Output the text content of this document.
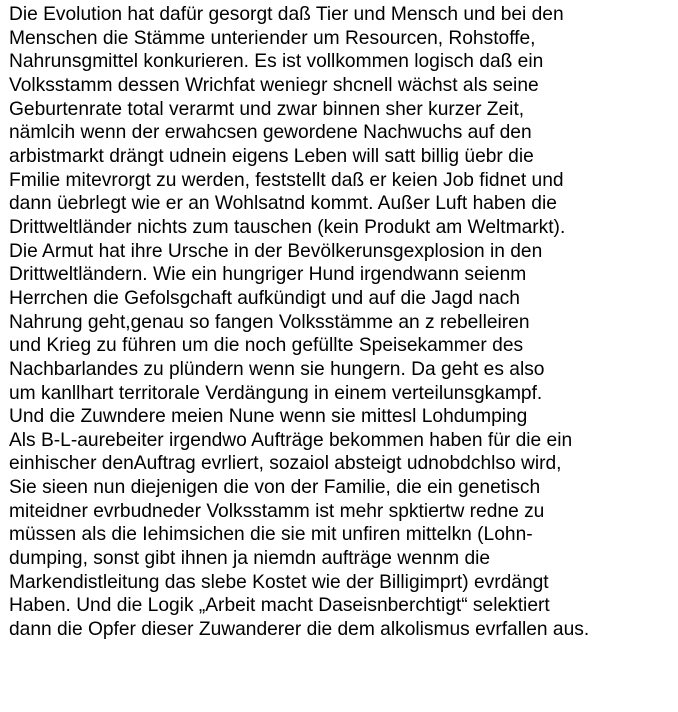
Die Evolution hat dafür gesorgt daß Tier und Mensch und bei den
Menschen die Stämme unteriender um Resourcen, Rohstoffe,
Nahrunsgmittel konkurieren. Es ist vollkommen logisch daß ein
Volksstamm dessen Wrichfat weniegr shcnell wächst als seine
Geburtenrate total verarmt und zwar binnen sher kurzer Zeit,
nämlcih wenn der erwahcsen gewordene Nachwuchs auf den
arbistmarkt drängt udnein eigens Leben will satt billig üebr die
Fmilie mitevrorgt zu werden, feststellt daß er keien Job fidnet und
dann üebrlegt wie er an Wohlsatnd kommt. Außer Luft haben die
Drittweltländer nichts zum tauschen (kein Produkt am Weltmarkt).
Die Armut hat ihre Ursche in der Bevölkerunsgexplosion in den
Drittweltländern. Wie ein hungriger Hund irgendwann seienm
Herrchen die Gefolsgchaft aufkündigt und auf die Jagd nach
Nahrung geht,genau so fangen Volksstämme an z rebelleiren
und Krieg zu führen um die noch gefüllte Speisekammer des
Nachbarlandes zu plündern wenn sie hungern. Da geht es also
um kanllhart territorale Verdängung in einem verteilunsgkampf.
Und die Zuwndere meien Nune wenn sie mittesl Lohdumping
Als B-L-aurebeiter irgendwo Aufträge bekommen haben für die ein
einhischer denAuftrag evrliert, sozaiol absteigt udnobdchlso wird,
Sie sieen nun diejenigen die von der Familie, die ein genetisch
miteidner evrbudneder Volksstamm ist mehr spktiertw redne zu
müssen als die Iehimsichen die sie mit unfiren mittelkn (Lohn-
dumping, sonst gibt ihnen ja niemdn aufträge wennm die
Markendistleitung das slebe Kostet wie der Billigimprt) evrdängt
Haben. Und die Logik „Arbeit macht Daseisnberchtigt“ selektiert
dann die Opfer dieser Zuwanderer die dem alkolismus evrfallen aus.
